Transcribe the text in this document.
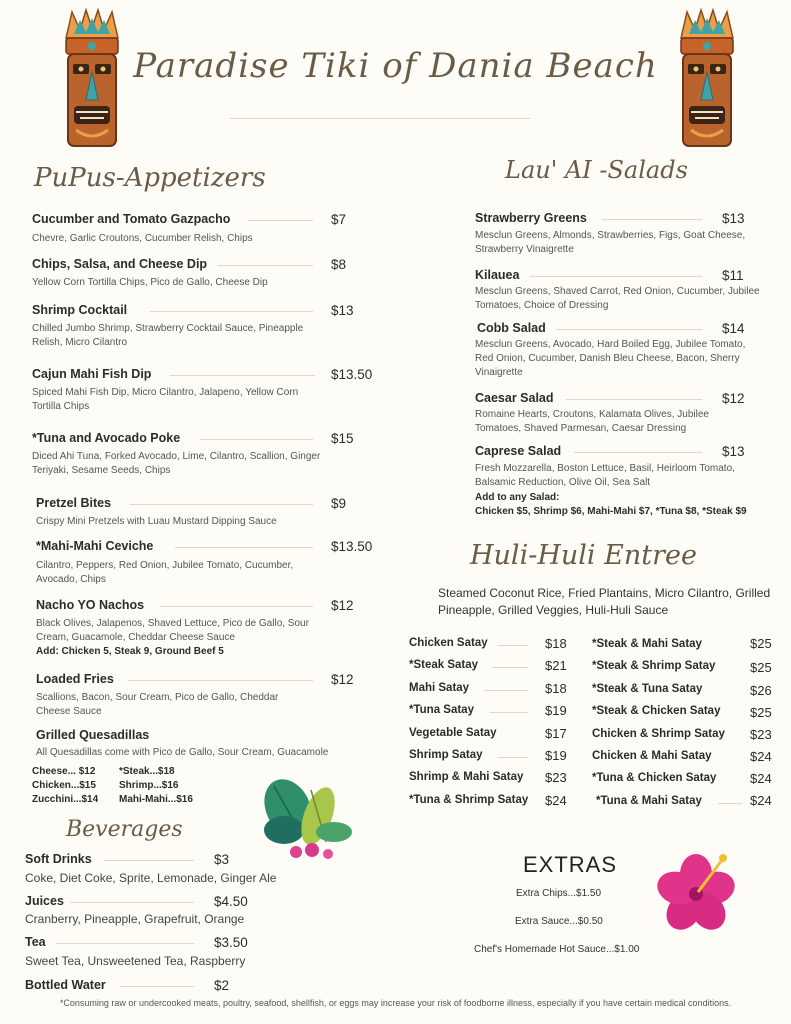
Paradise Tiki of Dania Beach
PuPus-Appetizers
Cucumber and Tomato Gazpacho	$7
Chevre, Garlic Croutons, Cucumber Relish, Chips
Chips, Salsa, and Cheese Dip	$8
Yellow Corn Tortilla Chips, Pico de Gallo, Cheese Dip
Shrimp Cocktail	$13
Chilled Jumbo Shrimp, Strawberry Cocktail Sauce, Pineapple Relish, Micro Cilantro
Cajun Mahi Fish Dip	$13.50
Spiced Mahi Fish Dip, Micro Cilantro, Jalapeno, Yellow Corn Tortilla Chips
*Tuna and Avocado Poke	$15
Diced Ahi Tuna, Forked Avocado, Lime, Cilantro, Scallion, Ginger Teriyaki, Sesame Seeds, Chips
Pretzel Bites	$9
Crispy Mini Pretzels with Luau Mustard Dipping Sauce
*Mahi-Mahi Ceviche	$13.50
Cilantro, Peppers, Red Onion, Jubilee Tomato, Cucumber, Avocado, Chips
Nacho YO Nachos	$12
Black Olives, Jalapenos, Shaved Lettuce, Pico de Gallo, Sour Cream, Guacamole, Cheddar Cheese Sauce
Add: Chicken 5, Steak 9, Ground Beef 5
Loaded Fries	$12
Scallions, Bacon, Sour Cream, Pico de Gallo, Cheddar Cheese Sauce
Grilled Quesadillas
All Quesadillas come with Pico de Gallo, Sour Cream, Guacamole
Cheese... $12 *Steak...$18
Chicken...$15 Shrimp...$16
Zucchini...$14 Mahi-Mahi...$16
Beverages
Soft Drinks	$3
Coke, Diet Coke, Sprite, Lemonade, Ginger Ale
Juices	$4.50
Cranberry, Pineapple, Grapefruit, Orange
Tea	$3.50
Sweet Tea, Unsweetened Tea, Raspberry
Bottled Water	$2
Lau' AI -Salads
Strawberry Greens	$13
Mesclun Greens, Almonds, Strawberries, Figs, Goat Cheese, Strawberry Vinaigrette
Kilauea	$11
Mesclun Greens, Shaved Carrot, Red Onion, Cucumber, Jubilee Tomatoes, Choice of Dressing
Cobb Salad	$14
Mesclun Greens, Avocado, Hard Boiled Egg, Jubilee Tomato, Red Onion, Cucumber, Danish Bleu Cheese, Bacon, Sherry Vinaigrette
Caesar Salad	$12
Romaine Hearts, Croutons, Kalamata Olives, Jubilee Tomatoes, Shaved Parmesan, Caesar Dressing
Caprese Salad	$13
Fresh Mozzarella, Boston Lettuce, Basil, Heirloom Tomato, Balsamic Reduction, Olive Oil, Sea Salt
Add to any Salad:
Chicken $5, Shrimp $6, Mahi-Mahi $7, *Tuna $8, *Steak $9
Huli-Huli Entree
Steamed Coconut Rice, Fried Plantains, Micro Cilantro, Grilled Pineapple, Grilled Veggies, Huli-Huli Sauce
Chicken Satay	$18
*Steak Satay	$21
Mahi Satay	$18
*Tuna Satay	$19
Vegetable Satay	$17
Shrimp Satay	$19
Shrimp & Mahi Satay $23
*Tuna & Shrimp Satay $24
*Steak & Mahi Satay	$25
*Steak & Shrimp Satay	$25
*Steak & Tuna Satay	$26
*Steak & Chicken Satay $25
Chicken & Shrimp Satay $23
Chicken & Mahi Satay	$24
*Tuna & Chicken Satay	$24
*Tuna & Mahi Satay	$24
EXTRAS
Extra Chips...$1.50
Extra Sauce...$0.50
Chef's Homemade Hot Sauce...$1.00
*Consuming raw or undercooked meats, poultry, seafood, shellfish, or eggs may increase your risk of foodborne illness, especially if you have certain medical conditions.
